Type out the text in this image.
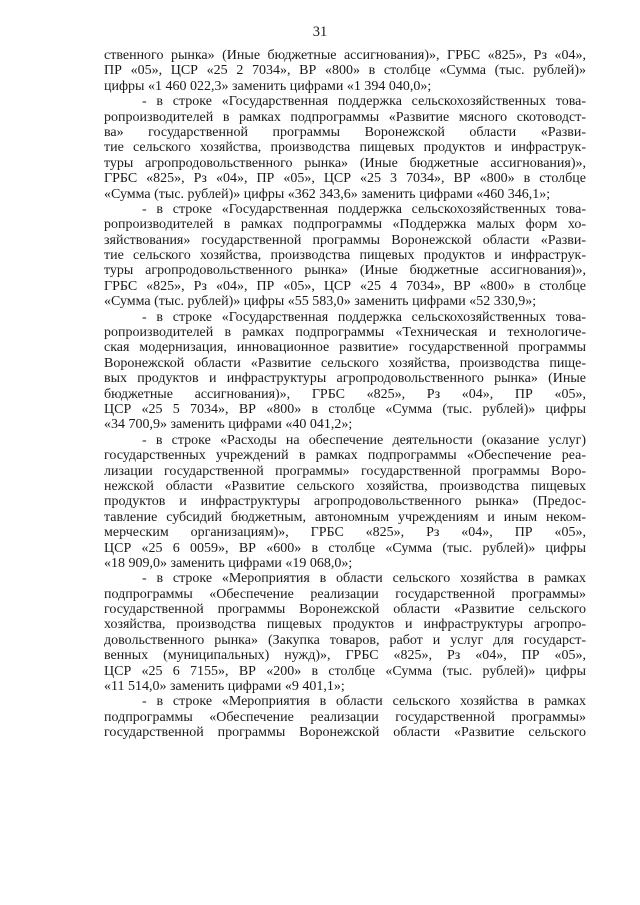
31

ственного рынка» (Иные бюджетные ассигнования)», ГРБС «825», Рз «04»,
ПР «05», ЦСР «25 2 7034», ВР «800» в столбце «Сумма (тыс. рублей)»
цифры «1 460 022,3» заменить цифрами «1 394 040,0»;

- в строке «Государственная поддержка сельскохозяйственных това-
ропроизводителей в рамках подпрограммы «Развитие мясного скотоводст-
ва» государственной программы Воронежской области «Разви-
тие сельского хозяйства, производства пищевых продуктов и инфраструк-
туры агропродовольственного рынка» (Иные бюджетные ассигнования)»,
ГРБС «825», Рз «04», ПР «05», ЦСР «25 3 7034», ВР «800» в столбце
«Сумма (тыс. рублей)» цифры «362 343,6» заменить цифрами «460 346,1»;

- в строке «Государственная поддержка сельскохозяйственных това-
ропроизводителей в рамках подпрограммы «Поддержка малых форм хо-
зяйствования» государственной программы Воронежской области «Разви-
тие сельского хозяйства, производства пищевых продуктов и инфраструк-
туры агропродовольственного рынка» (Иные бюджетные ассигнования)»,
ГРБС «825», Рз «04», ПР «05», ЦСР «25 4 7034», ВР «800» в столбце
«Сумма (тыс. рублей)» цифры «55 583,0» заменить цифрами «52 330,9»;

- в строке «Государственная поддержка сельскохозяйственных това-
ропроизводителей в рамках подпрограммы «Техническая и технологиче-
ская модернизация, инновационное развитие» государственной программы
Воронежской области «Развитие сельского хозяйства, производства пище-
вых продуктов и инфраструктуры агропродовольственного рынка» (Иные
бюджетные ассигнования)», ГРБС «825», Рз «04», ПР «05»,
ЦСР «25 5 7034», ВР «800» в столбце «Сумма (тыс. рублей)» цифры
«34 700,9» заменить цифрами «40 041,2»;

- в строке «Расходы на обеспечение деятельности (оказание услуг)
государственных учреждений в рамках подпрограммы «Обеспечение реа-
лизации государственной программы» государственной программы Воро-
нежской области «Развитие сельского хозяйства, производства пищевых
продуктов и инфраструктуры агропродовольственного рынка» (Предос-
тавление субсидий бюджетным, автономным учреждениям и иным неком-
мерческим организациям)», ГРБС «825», Рз «04», ПР «05»,
ЦСР «25 6 0059», ВР «600» в столбце «Сумма (тыс. рублей)» цифры
«18 909,0» заменить цифрами «19 068,0»;

- в строке «Мероприятия в области сельского хозяйства в рамках
подпрограммы «Обеспечение реализации государственной программы»
государственной программы Воронежской области «Развитие сельского
хозяйства, производства пищевых продуктов и инфраструктуры агропро-
довольственного рынка» (Закупка товаров, работ и услуг для государст-
венных (муниципальных) нужд)», ГРБС «825», Рз «04», ПР «05»,
ЦСР «25 6 7155», ВР «200» в столбце «Сумма (тыс. рублей)» цифры
«11 514,0» заменить цифрами «9 401,1»;

- в строке «Мероприятия в области сельского хозяйства в рамках
подпрограммы «Обеспечение реализации государственной программы»
государственной программы Воронежской области «Развитие сельского
